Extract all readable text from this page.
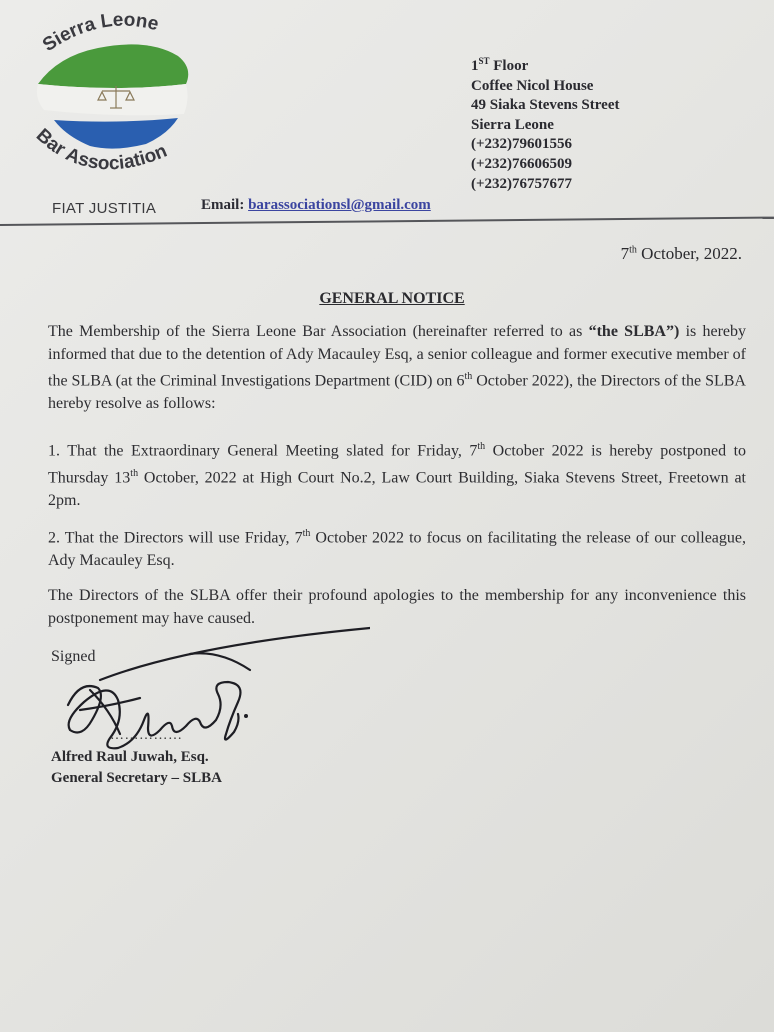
Sierra Leone
Bar Association
FIAT JUSTITIA	Email: barassociationsl@gmail.com
1ST Floor
Coffee Nicol House
49 Siaka Stevens Street
Sierra Leone
(+232)79601556
(+232)76606509
(+232)76757677
7th October, 2022.
GENERAL NOTICE
The Membership of the Sierra Leone Bar Association (hereinafter referred to as “the SLBA”) is hereby informed that due to the detention of Ady Macauley Esq, a senior colleague and former executive member of the SLBA (at the Criminal Investigations Department (CID) on 6th October 2022), the Directors of the SLBA hereby resolve as follows:
1. That the Extraordinary General Meeting slated for Friday, 7th October 2022 is hereby postponed to Thursday 13th October, 2022 at High Court No.2, Law Court Building, Siaka Stevens Street, Freetown at 2pm.
2. That the Directors will use Friday, 7th October 2022 to focus on facilitating the release of our colleague, Ady Macauley Esq.
The Directors of the SLBA offer their profound apologies to the membership for any inconvenience this postponement may have caused.
Signed
……………
Alfred Raul Juwah, Esq.
General Secretary – SLBA
